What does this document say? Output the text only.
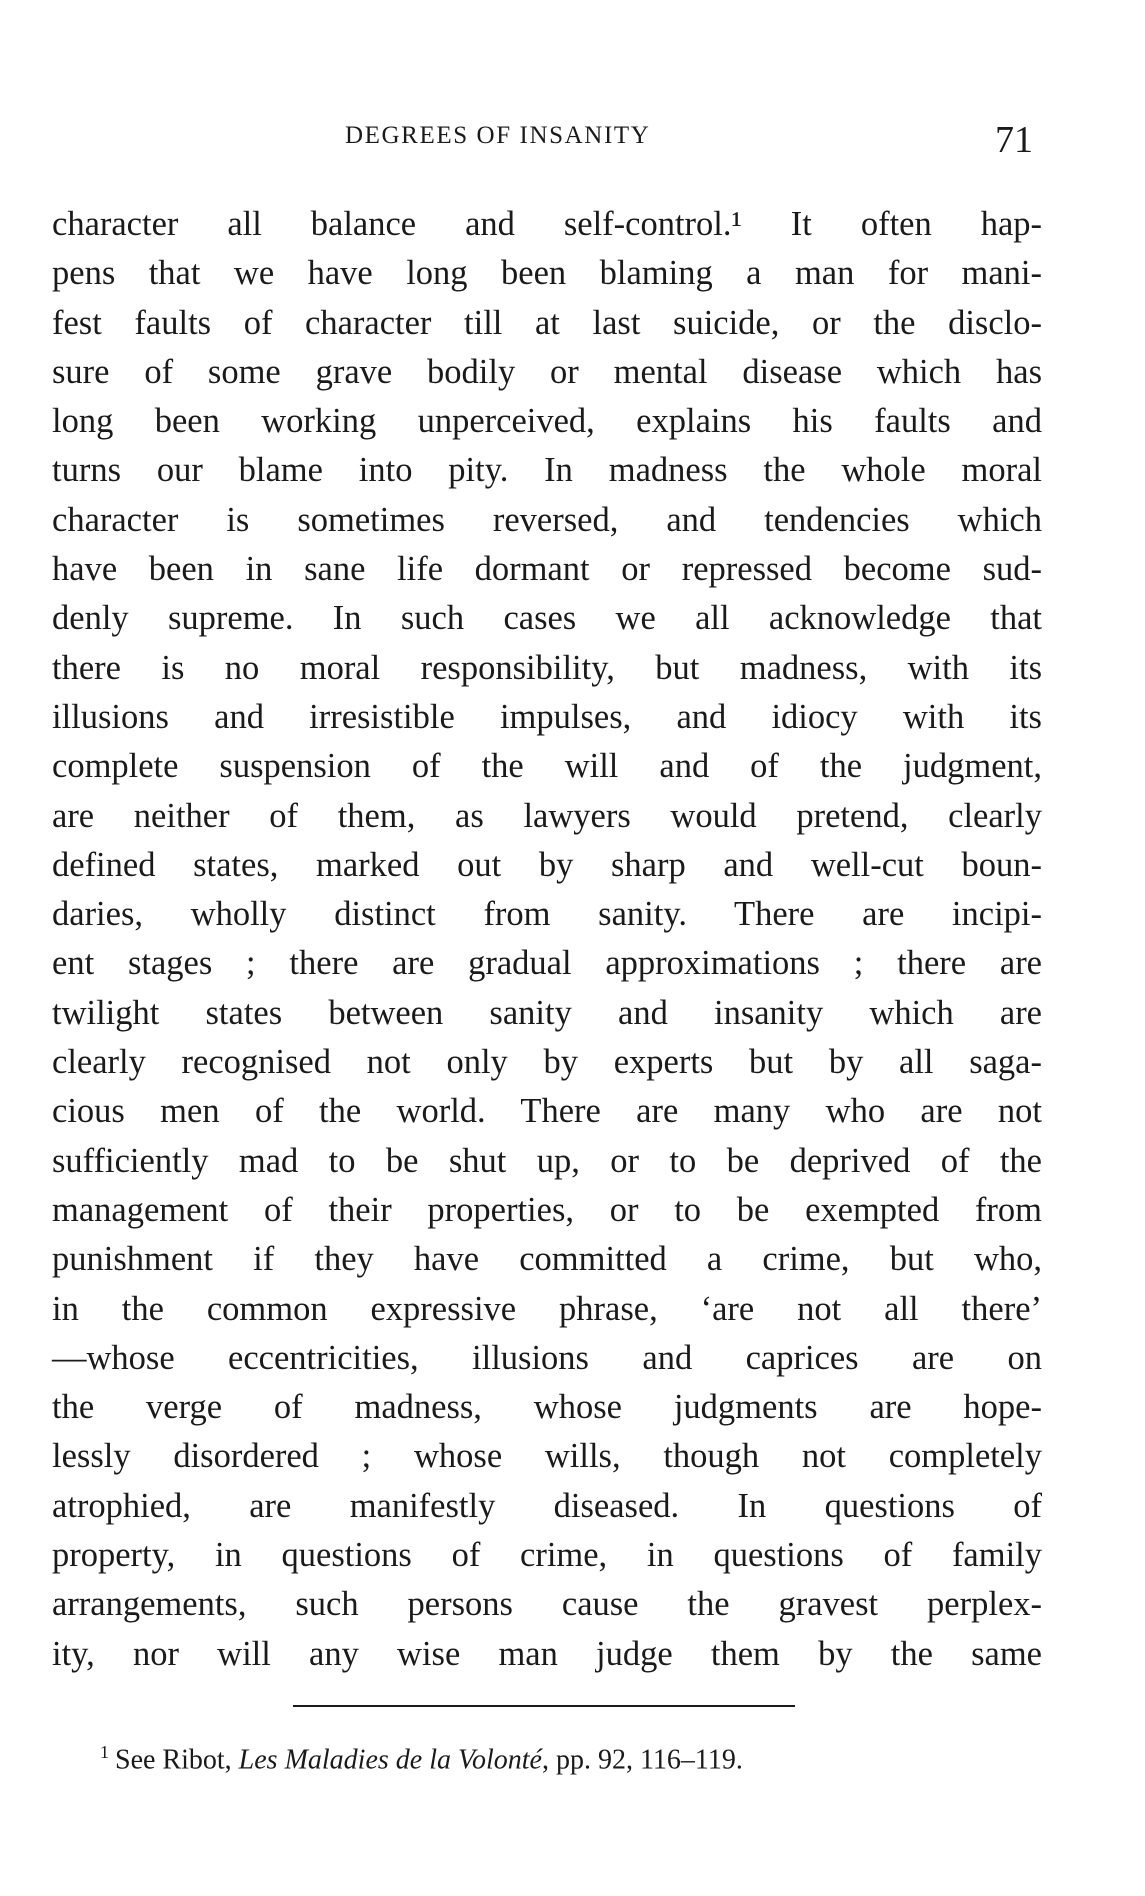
DEGREES OF INSANITY	71
character all balance and self-control.¹ It often hap-
pens that we have long been blaming a man for mani-
fest faults of character till at last suicide, or the disclo-
sure of some grave bodily or mental disease which has
long been working unperceived, explains his faults and
turns our blame into pity. In madness the whole moral
character is sometimes reversed, and tendencies which
have been in sane life dormant or repressed become sud-
denly supreme. In such cases we all acknowledge that
there is no moral responsibility, but madness, with its
illusions and irresistible impulses, and idiocy with its
complete suspension of the will and of the judgment,
are neither of them, as lawyers would pretend, clearly
defined states, marked out by sharp and well-cut boun-
daries, wholly distinct from sanity. There are incipi-
ent stages ; there are gradual approximations ; there are
twilight states between sanity and insanity which are
clearly recognised not only by experts but by all saga-
cious men of the world. There are many who are not
sufficiently mad to be shut up, or to be deprived of the
management of their properties, or to be exempted from
punishment if they have committed a crime, but who,
in the common expressive phrase, ‘are not all there’
—whose eccentricities, illusions and caprices are on
the verge of madness, whose judgments are hope-
lessly disordered ; whose wills, though not completely
atrophied, are manifestly diseased. In questions of
property, in questions of crime, in questions of family
arrangements, such persons cause the gravest perplex-
ity, nor will any wise man judge them by the same
$^1$ See Ribot, Les Maladies de la Volonté, pp. 92, 116–119.
